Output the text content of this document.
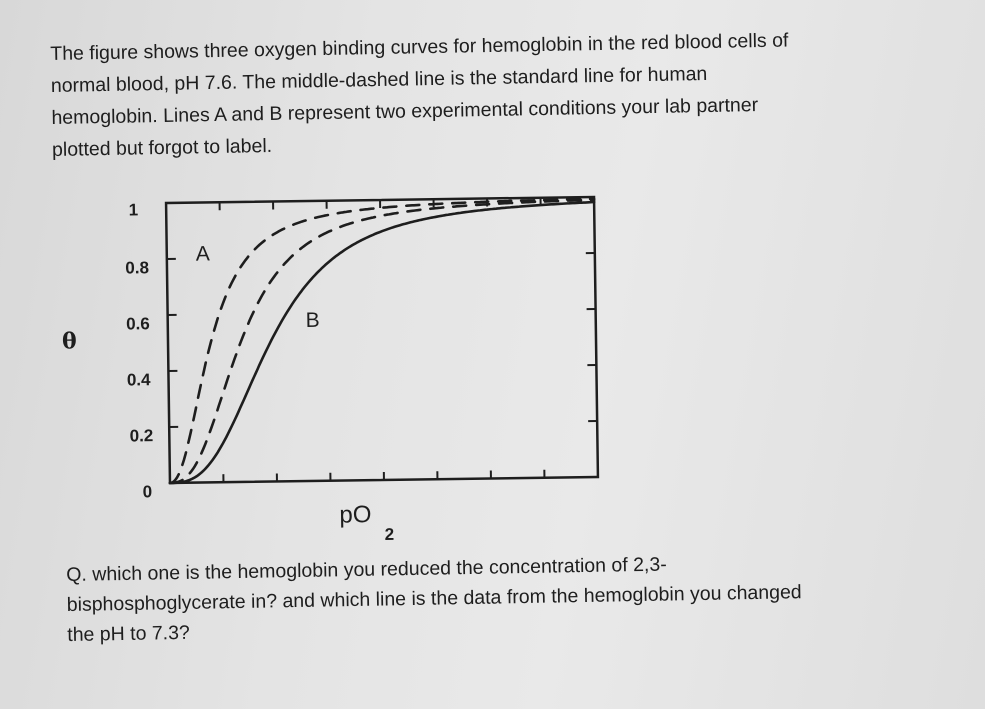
The figure shows three oxygen binding curves for hemoglobin in the red blood cells of
normal blood, pH 7.6. The middle-dashed line is the standard line for human
hemoglobin. Lines A and B represent two experimental conditions your lab partner
plotted but forgot to label.
1
0.8
0.6
0.4
0.2
0
A
B
pO
2
θ
Q. which one is the hemoglobin you reduced the concentration of 2,3-
bisphosphoglycerate in? and which line is the data from the hemoglobin you changed
the pH to 7.3?
